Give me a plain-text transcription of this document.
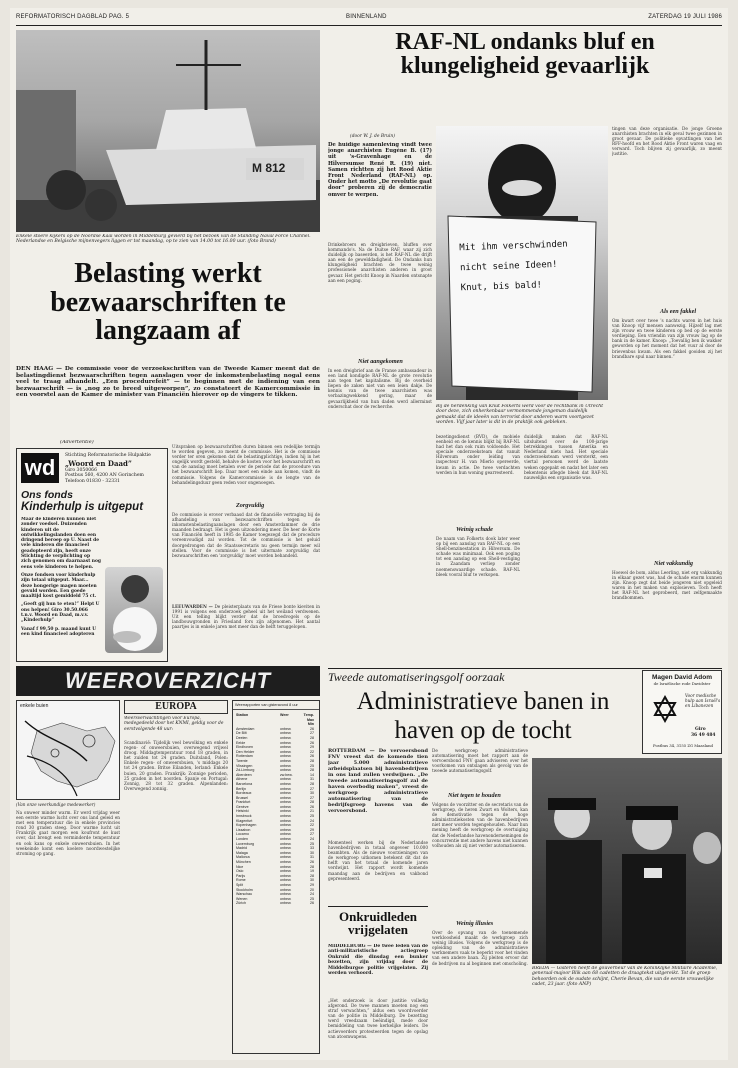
REFORMATORISCH DAGBLAD PAG. 5	BINNENLAND	ZATERDAG 19 JULI 1986
M 812
Enkele stoere kijkers op de Noordse Kaai worden in Middelburg gevierd bij het bezoek van de Standing Naval Force Channel. Nederlandse en Belgische mijnenvegers liggen er tot maandag, op te zien van 14.00 tot 16.00 uur. (foto Brand)
Belasting werkt bezwaarschriften te langzaam af
DEN HAAG — De commissie voor de verzoekschriften van de Tweede Kamer meent dat de belastingdienst bezwaarschriften tegen aanslagen voor de inkomstenbelasting nogal eens veel te traag afhandelt. „Een procedurefeit” — te beginnen met de indiening van een bezwaarschrift — is „nog zo te breed uitgeworpen”, zo constateert de Kamercommissie in een voorstel aan de Kamer de minister van Financiën hierover op de vingers te tikken.
Uitspraken op bezwaarschriften duren binnen een redelijke termijn te worden gegeven, zo meent de commissie. Het is de commissie verder ter oren gekomen dat de belastingplichtige, indien hij in het ongelijk wordt gesteld, behalve de kosten voor het bezwaarschrift en van de aanslag moet betalen over de periode dat de procedure van het bezwaarschrift liep. Daar moet een einde aan komen, vindt de commissie. Volgens de Kamercommissie is de lengte van de behandelingsduur geen reden voor ongenoegen.
Zorgvuldig
De commissie is erover verbaasd dat de financiële vertraging bij de afhandeling van bezwaarschriften tegen de inkomstenbelastingaanslagen door een Amsterdammer de drie maanden bedraagt. Het is geen uitzondering meer. De heer de Korte van Financiën heeft in 1985 de Kamer toegezegd dat de procedure vereenvoudigd zal worden. Tot de commissie is het geluid doorgedrongen dat de Staatssecretaris nu geen termijn meer wil stellen. Voor de commissie is het uitermate zorgvuldig dat bezwaarschriften een 'zorgvuldig' moet worden behandeld.
(Advertentie)
wd	Stichting Reformatorische Hulpaktie
„Woord en Daad”
Giro 3050066
Postbus 560, 4200 AN Gorinchem
Telefoon 01830 - 32331
Ons fonds
Kinderhulp is uitgeput

Maar de kinderen kunnen niet zonder voedsel. Duizenden kinderen uit de ontwikkelingslanden doen een dringend beroep op U. Naast de vele kinderen die financieel geadopteerd zijn, heeft onze Stichting de verplichting op zich genomen om daarnaast nog eens vele kinderen te helpen.

Onze fondsen voor kinderhulp zijn totaal uitgeput. Maar... deze hongerige magen moeten gevuld worden. Een goede maaltijd kost gemiddeld 75 ct.

„Geeft gij hun te eten!” Helpt U ons helpen! Giro 30.50.066 t.n.v. Woord en Daad, m.v.v. „Kinderhulp”

Vanaf f 99,50 p. maand kunt U een kind financieel adopteren

WEEROVERZICHT
enkele buien
(Van onze weerkundige medewerker)
Na onweer minder warm. Er werd vrijdag weer een eerste warme lucht over ons land geleid en met een temperatuur die in enkele provincies rond 30 graden steeg. Door warme lucht uit Frankrijk gaat morgen een koufront de kust over, dat brengt een verminderde temperatuur en ook kans op enkele onweersbuien. In het weekeinde komt een koelere noordwestelijke stroming op gang.
EUROPA
Weersverwachtingen voor Europa, medegedeeld door het KNMI, geldig voor de eerstvolgende 48 uur:
Scandinavië: Tijdelijk veel bewolking en enkele regen- of onweersbuien, overwegend vrijwel droog. Middagtemperatuur rond 18 graden, in het zuiden tot 24 graden. Duitsland, Polen: Enkele regen- of onweersbuien, 's middags 20 tot 24 graden. Britse Eilanden, Ierland: Enkele buien, 20 graden. Frankrijk: Zonnige perioden, 25 graden in het noorden. Spanje en Portugal: Zonnig, 28 tot 32 graden. Alpenlanden: Overwegend zonnig.
Weerrapporten van gisteravond 8 uur
Station	Weer	Temp. Max Min
Amsterdam	onbew.	26
De Bilt	onbew.	27
Deelen	onbew.	28
Eelde	onbew.	26
Eindhoven	onbew.	29
Den Helder	onbew.	22
Rotterdam	onbew.	26
Twente	onbew.	28
Vlissingen	onbew.	25
Zd-Limburg	onbew.	28
Aberdeen	zw.bew.	14
Athene	onbew.	31
Barcelona	onbew.	28
Berlijn	onbew.	27
Bordeaux	onbew.	30
Brussel	onbew.	27
Frankfurt	onbew.	28
Genève	onbew.	26
Helsinki	onbew.	21
Innsbruck	onbew.	25
Klagenfurt	onbew.	24
Kopenhagen	onbew.	22
Lissabon	onbew.	29
Locarno	onbew.	27
Londen	onbew.	24
Luxemburg	onbew.	25
Madrid	onbew.	33
Malaga	onbew.	30
Mallorca	onbew.	31
München	onbew.	26
Nice	onbew.	28
Oslo	onbew.	19
Parijs	onbew.	28
Rome	onbew.	30
Split	onbew.	29
Stockholm	onbew.	20
Warschau	onbew.	24
Wenen	onbew.	25
Zürich	onbew.	26
RAF-NL ondanks bluf en klungeligheid gevaarlijk
(door W. J. de Bruin)
De huidige samenleving vindt twee jonge anarchisten Eugène B. (17) uit 's-Gravenhage en de Hilversumse René R. (19) niet. Samen richtten zij het Rood Aktie Front Nederland (RAF-NL) op. Onder het motto „De revolutie gaat door” proberen zij de democratie omver te werpen.
Drinkebroers en dreigbrieven, bluffen over kommando's. Na de Duitse RAF, waar zij zich duidelijk op baseerden, is het RAF-NL die drijft aan een de gewelddadigheid. De Ondanks hun klungeligheid brachten de twee weinig professionele anarchisten anderen in groot gevaar. Het gericht Knoop in Naarden ontsnapte aan een poging.
Niet aangekomen
In een dreigbrief aan de Franse ambassadeur in een land kondigde RAF-NL de grote revolutie aan tegen het kapitalisme. Bij de overheid liepen de zaken niet van een leien dakje. De kennis van de twee anarchisten was verbazingwekkend gering, maar de gevaarlijkheid van hun daden werd allerminst onderschat door de recherche.
Mit ihm verschwinden nicht seine Ideen! Knut, bis bald!
Bij de herdenking van Knut Folkerts werd voor de rechtbank in Utrecht door deze, zich onherkenbaar vermommende jongeman duidelijk gemaakt dat de ideeën van terrorist door anderen warm voortgezet worden. Vijf jaar later is dit in de praktijk ook gebleken.
bezetingsdienst (BVD), de mobiele eenheid en de kennis blijkt bij RAF-NL had het dan ook ruim voldoende. Het speciale onderzoeksteam dat vanuit Hilversum onder leiding van inspecteur H. van Mierlo opereerde, kwam in actie. De twee verdachten werden in hun woning gearresteerd.
Weinig schade
De naam van Folkerts dook later weer op bij een aanslag van RAF-NL op een Shell-benzinestation in Hilversum. De schade was minimaal. Ook een poging tot een aanslag op een Shell-vestiging in Zaandam verliep zonder noemenswaardige schade. RAF-NL bleek vooral bluf te verkopen.
duidelijk maken dat RAF-NL uitsluitend over de 100-jarige betrekkingen tussen Amerika en Nederland niets had. Het speciale onderzoeksteam werd versterkt, een viertal personen werd de laatste weken opgepakt en nadat het later een bekentenis aflegde bleek dat RAF-NL nauwelijks een organisatie was.
tingen van deze organisatie. De jonge Groene anarchisten brachten in elk geval twee gezinnen in groot gevaar. De politieke opvattingen van het RFF-hoofd en het Rood Aktie Front waren vaag en verward. Toch blijven zij gevaarlijk, zo meent justitie.
Als een fakkel
Om kwart over twee 's nachts waren in het huis van Knoop vijf mensen aanwezig. Hijzelf lag met zijn vrouw en twee kinderen op bed op de eerste verdieping. Een vriendin van zijn vrouw lag op de bank in de kamer. Knoop: „Toevallig ben ik wakker geworden op het moment dat het vuur al door de brievenbus kwam. Als een fakkel gooiden zij het brandbare spul naar binnen.”
Niet vakkundig
Hoewel de bom, aldus Leerling, niet erg vakkundig in elkaar gezet was, had de schade enorm kunnen zijn. Knoop zegt dat beide jongeren niet opgeleid waren in het maken van explosieven. Toch heeft het RAF-NL het geprobeerd, met zelfgemaakte brandbommen.
Tweede automatiseringsgolf oorzaak
Administratieve banen in haven op de tocht
Magen David Adom
de Israëlische rode Davidster
Voor medische hulp aan Israël's en Libanezen
Giro
36 49 484
Postbus 34, 3155 ZG Maasland
ROTTERDAM — De vervoersbond FNV vreest dat de komende tien jaar 5.000 administratieve arbeidsplaatsen bij havenbedrijven in ons land zullen verdwijnen. „De tweede automatiseringsgolf zal de haven overbodig maken”, vreest de werkgroep administratieve automatisering van de bedrijfsgroep havens van de vervoersbond.
Momenteel werken bij de Nederlandse havenbedrijven in totaal ongeveer 10.000 beambten. Als de nieuwe voorzieningen van de werkgroep uitkomen betekent dit dat de helft van het totaal de komende jaren verdwijnt. Het rapport wordt komende maandag aan de bedrijven en vakbond gepresenteerd.
De werkgroep administratieve automatisering moet het rapport aan de vervoersbond FNV gaan adviseren over het voorkomen van ontslagen als gevolg van de tweede automatiseringsgolf.
Niet tegen te houden
Volgens de voorzitter en de secretaris van de werkgroep, de heren Zwart en Wolters, kan de demotivatie tegen de hoge administratiekosten van de havenbedrijven niet meer worden tegengehouden. Naar hun mening heeft de werkgroep de overtuiging dat de Nederlandse havenondernemingen de concurrentie met andere havens niet kunnen volhouden als zij niet verder automatiseren.
Weinig illusies
Over de opvang van de toenemende werkloosheid maakt de werkgroep zich weinig illusies. Volgens de werkgroep is de opleiding van de administratieve werknemers vaak te beperkt voor het vinden van een andere baan. Zij pleiten ervoor dat de bedrijven nu al beginnen met omscholing.
Onkruidleden vrijgelaten
MIDDELBURG — De twee leden van de anti-militaristische actiegroep Onkruid die dinsdag een bunker bezetten, zijn vrijdag door de Middelburgse politie vrijgelaten. Zij werden verhoord.
„Het onderzoek is door justitie volledig afgerond. De twee mannen moeten nog een straf verwachten,” aldus een woordvoerder van de politie in Middelburg. De bezetting werd vreedzaam beëindigd, mede door bemiddeling van twee kerkelijke leiders. De actievoerders protesteerden tegen de opslag van atoomwapens.
BREDA — Gisteren heeft de gouverneur van de Koninklijke Militaire Academie, generaal-majoor Blik aan 68 cadetten de draagtekst uitgereikt. Tot de groep behoorden ook de oudste schijnt, Cherie Bevan, die van de eerste vrouwelijke cadet, 23 jaar. (foto ANP)
LEEUWARDEN — De pleisterplaats van de Friese bonte kieviten in 1991 is volgens een onderzoek geheel uit het weiland verdwenen. Uit een telling blijkt verder dat de broedvogels op de landbouwgronden in Friesland fors zijn afgenomen. Het aantal paartjes is in enkele jaren met meer dan de helft teruggelopen.
